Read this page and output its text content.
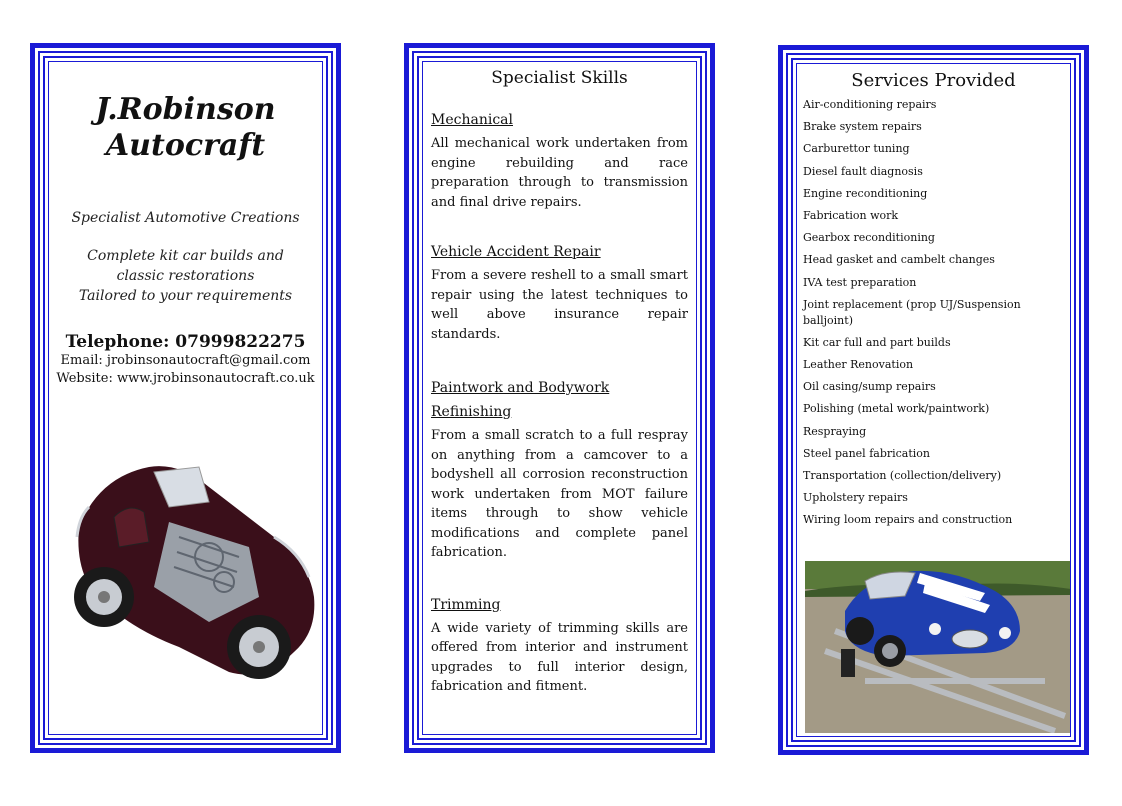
J.Robinson
Autocraft
Specialist Automotive Creations
Complete kit car builds and classic restorations
Tailored to your requirements
Telephone: 07999822275
Email: jrobinsonautocraft@gmail.com
Website: www.jrobinsonautocraft.co.uk
Specialist Skills
Mechanical

All mechanical work undertaken from engine rebuilding and race preparation through to transmission and final drive repairs.

Vehicle Accident Repair

From a severe reshell to a small smart repair using the latest techniques to well above insurance repair standards.

Paintwork and Bodywork
Refinishing

From a small scratch to a full respray on anything from a camcover to a bodyshell all corrosion reconstruction work undertaken from MOT failure items through to show vehicle modifications and complete panel fabrication.

Trimming

A wide variety of trimming skills are offered from interior and instrument upgrades to full interior design, fabrication and fitment.

Services Provided
Air-conditioning repairs
Brake system repairs
Carburettor tuning
Diesel fault diagnosis
Engine reconditioning
Fabrication work
Gearbox reconditioning
Head gasket and cambelt changes
IVA test preparation
Joint replacement (prop UJ/Suspension balljoint)
Kit car full and part builds
Leather Renovation
Oil casing/sump repairs
Polishing (metal work/paintwork)
Respraying
Steel panel fabrication
Transportation (collection/delivery)
Upholstery repairs
Wiring loom repairs and construction
